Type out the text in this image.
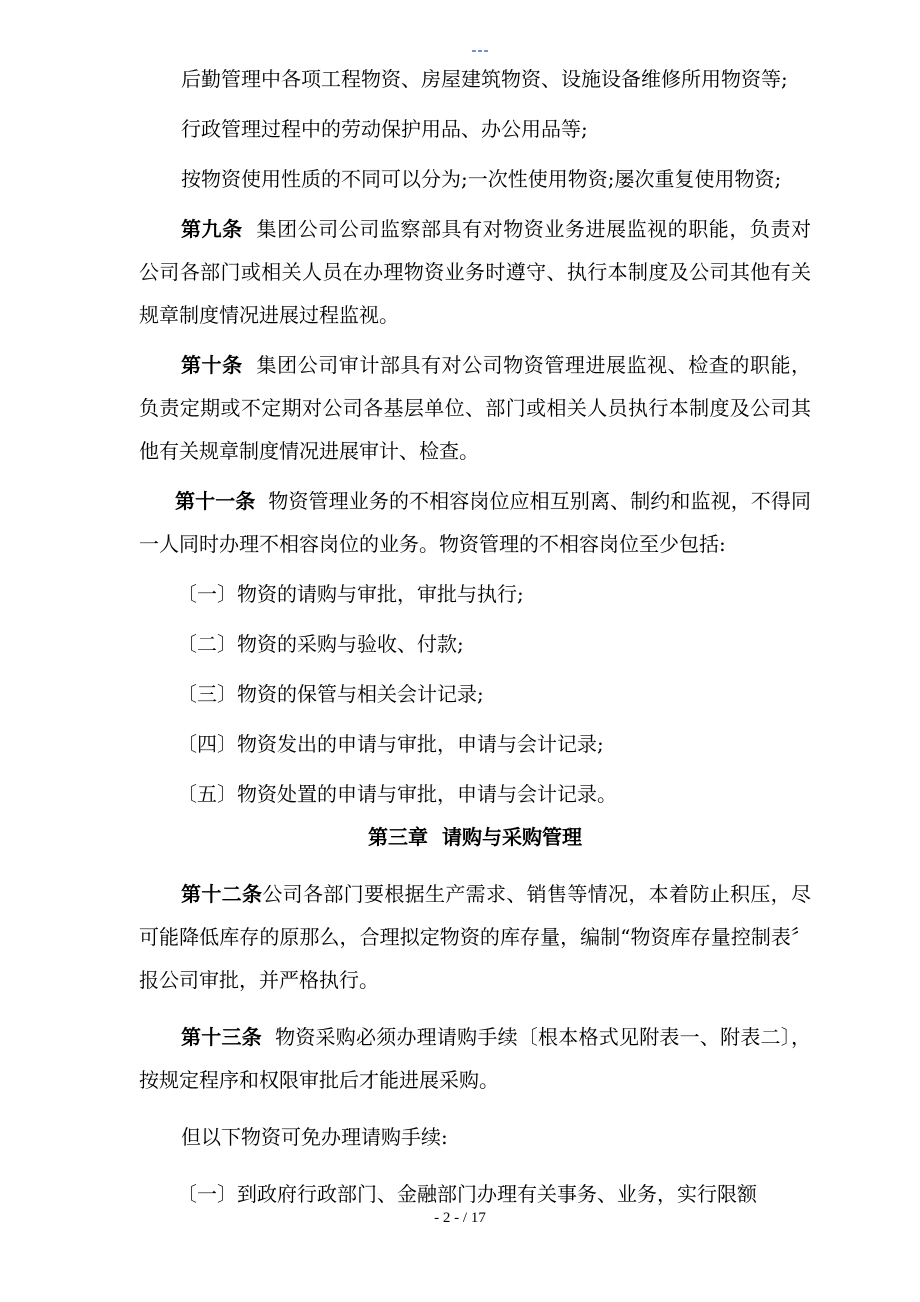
后勤管理中各项工程物资、房屋建筑物资、设施设备维修所用物资等;

行政管理过程中的劳动保护用品、办公用品等;

按物资使用性质的不同可以分为;一次性使用物资;屡次重复使用物资;

第九条 集团公司公司监察部具有对物资业务进展监视的职能，负责对公司各部门或相关人员在办理物资业务时遵守、执行本制度及公司其他有关规章制度情况进展过程监视。

第十条 集团公司审计部具有对公司物资管理进展监视、检查的职能，负责定期或不定期对公司各基层单位、部门或相关人员执行本制度及公司其他有关规章制度情况进展审计、检查。

第十一条 物资管理业务的不相容岗位应相互别离、制约和监视，不得同一人同时办理不相容岗位的业务。物资管理的不相容岗位至少包括:

〔一〕物资的请购与审批，审批与执行;

〔二〕物资的采购与验收、付款;

〔三〕物资的保管与相关会计记录;

〔四〕物资发出的申请与审批，申请与会计记录;

〔五〕物资处置的申请与审批，申请与会计记录。

第三章  请购与采购管理

第十二条公司各部门要根据生产需求、销售等情况，本着防止积压，尽可能降低库存的原那么，合理拟定物资的库存量，编制“物资库存量控制表〞报公司审批，并严格执行。

第十三条 物资采购必须办理请购手续〔根本格式见附表一、附表二〕，按规定程序和权限审批后才能进展采购。

但以下物资可免办理请购手续:

〔一〕到政府行政部门、金融部门办理有关事务、业务，实行限额

- 2 - / 17
